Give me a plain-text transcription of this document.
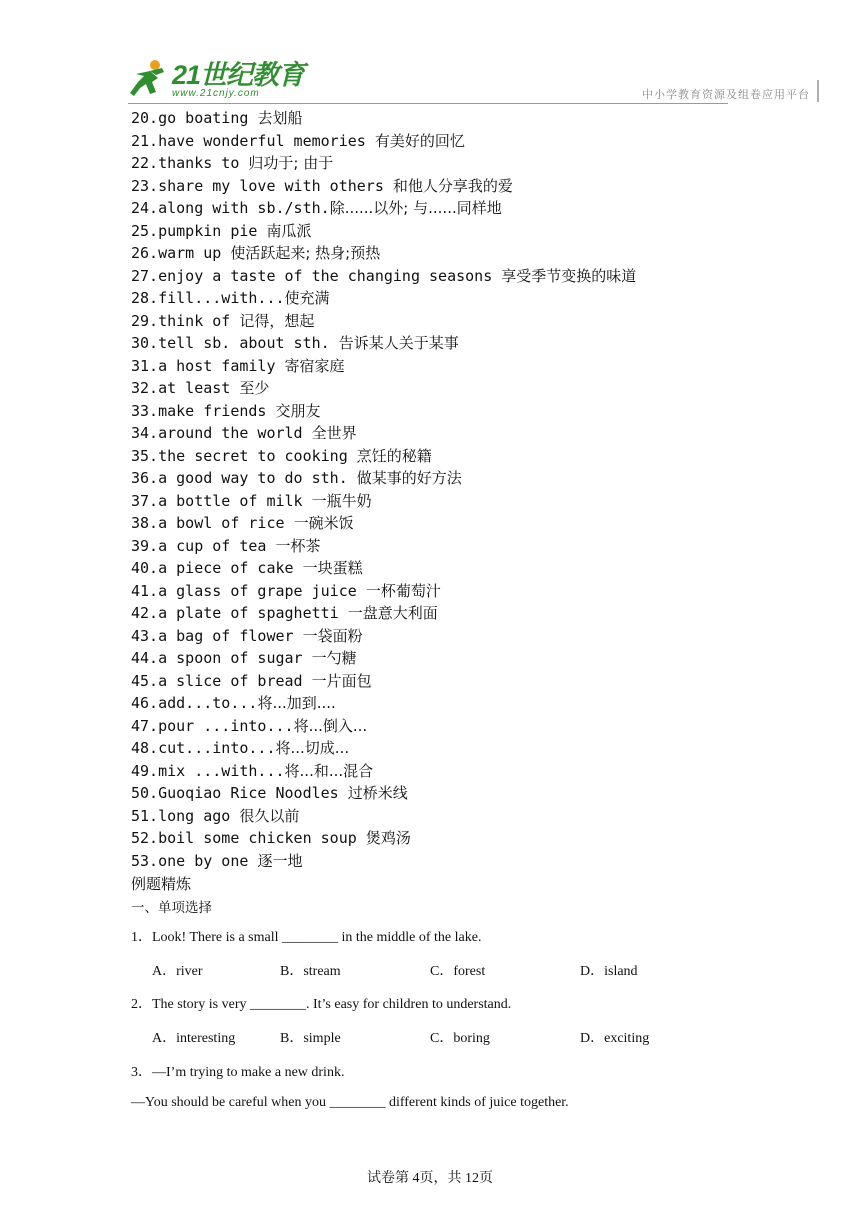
21世纪教育
www.21cnjy.com	中小学教育资源及组卷应用平台
20.go boating 去划船
21.have wonderful memories 有美好的回忆
22.thanks to 归功于; 由于
23.share my love with others 和他人分享我的爱
24.along with sb./sth.除......以外; 与......同样地
25.pumpkin pie 南瓜派
26.warm up 使活跃起来; 热身;预热
27.enjoy a taste of the changing seasons 享受季节变换的味道
28.fill...with...使充满
29.think of 记得，想起
30.tell sb. about sth. 告诉某人关于某事
31.a host family 寄宿家庭
32.at least 至少
33.make friends 交朋友
34.around the world 全世界
35.the secret to cooking 烹饪的秘籍
36.a good way to do sth. 做某事的好方法
37.a bottle of milk 一瓶牛奶
38.a bowl of rice 一碗米饭
39.a cup of tea 一杯茶
40.a piece of cake 一块蛋糕
41.a glass of grape juice 一杯葡萄汁
42.a plate of spaghetti 一盘意大利面
43.a bag of flower 一袋面粉
44.a spoon of sugar 一勺糖
45.a slice of bread 一片面包
46.add...to...将...加到....
47.pour ...into...将...倒入...
48.cut...into...将...切成...
49.mix ...with...将...和...混合
50.Guoqiao Rice Noodles 过桥米线
51.long ago 很久以前
52.boil some chicken soup 煲鸡汤
53.one by one 逐一地
例题精炼
一、单项选择
1．Look! There is a small ________ in the middle of the lake.
A．river	B．stream	C．forest	D．island
2．The story is very ________. It’s easy for children to understand.
A．interesting	B．simple	C．boring	D．exciting
3．—I’m trying to make a new drink.
—You should be careful when you ________ different kinds of juice together.
试卷第 4页，共 12页
